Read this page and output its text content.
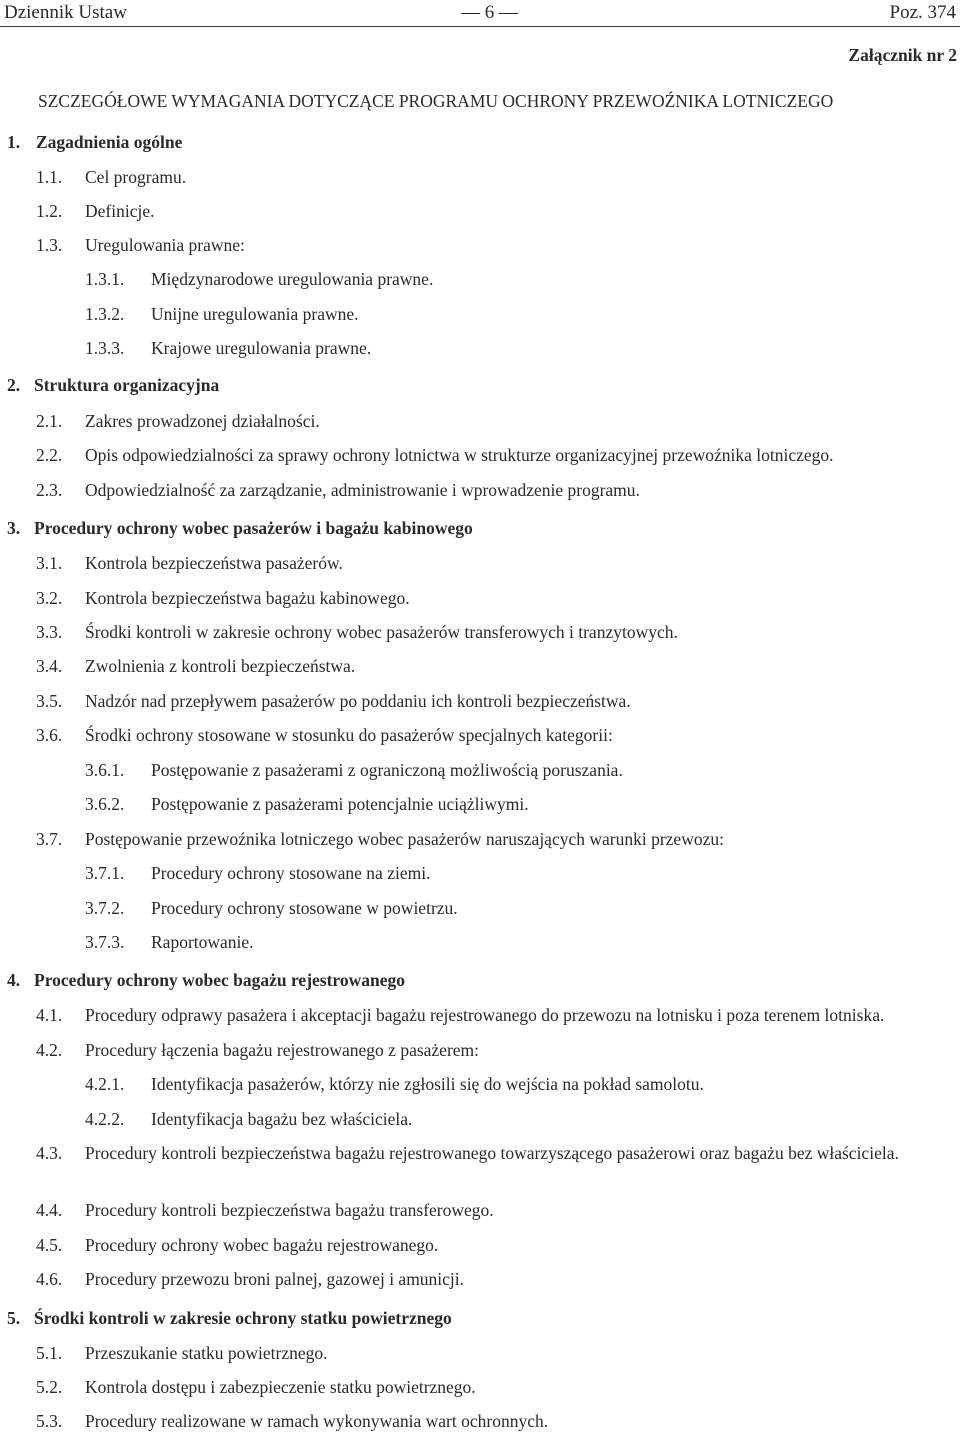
Dziennik Ustaw	— 6 —	Poz. 374
Załącznik nr 2
SZCZEGÓŁOWE WYMAGANIA DOTYCZĄCE PROGRAMU OCHRONY PRZEWOŹNIKA LOTNICZEGO
1. Zagadnienia ogólne
1.1. Cel programu.
1.2. Definicje.
1.3. Uregulowania prawne:
1.3.1. Międzynarodowe uregulowania prawne.
1.3.2. Unijne uregulowania prawne.
1.3.3. Krajowe uregulowania prawne.
2. Struktura organizacyjna
2.1. Zakres prowadzonej działalności.
2.2. Opis odpowiedzialności za sprawy ochrony lotnictwa w strukturze organizacyjnej przewoźnika lotniczego.
2.3. Odpowiedzialność za zarządzanie, administrowanie i wprowadzenie programu.
3. Procedury ochrony wobec pasażerów i bagażu kabinowego
3.1. Kontrola bezpieczeństwa pasażerów.
3.2. Kontrola bezpieczeństwa bagażu kabinowego.
3.3. Środki kontroli w zakresie ochrony wobec pasażerów transferowych i tranzytowych.
3.4. Zwolnienia z kontroli bezpieczeństwa.
3.5. Nadzór nad przepływem pasażerów po poddaniu ich kontroli bezpieczeństwa.
3.6. Środki ochrony stosowane w stosunku do pasażerów specjalnych kategorii:
3.6.1. Postępowanie z pasażerami z ograniczoną możliwością poruszania.
3.6.2. Postępowanie z pasażerami potencjalnie uciążliwymi.
3.7. Postępowanie przewoźnika lotniczego wobec pasażerów naruszających warunki przewozu:
3.7.1. Procedury ochrony stosowane na ziemi.
3.7.2. Procedury ochrony stosowane w powietrzu.
3.7.3. Raportowanie.
4. Procedury ochrony wobec bagażu rejestrowanego
4.1. Procedury odprawy pasażera i akceptacji bagażu rejestrowanego do przewozu na lotnisku i poza terenem lotniska.
4.2. Procedury łączenia bagażu rejestrowanego z pasażerem:
4.2.1. Identyfikacja pasażerów, którzy nie zgłosili się do wejścia na pokład samolotu.
4.2.2. Identyfikacja bagażu bez właściciela.
4.3. Procedury kontroli bezpieczeństwa bagażu rejestrowanego towarzyszącego pasażerowi oraz bagażu bez właściciela.
4.4. Procedury kontroli bezpieczeństwa bagażu transferowego.
4.5. Procedury ochrony wobec bagażu rejestrowanego.
4.6. Procedury przewozu broni palnej, gazowej i amunicji.
5. Środki kontroli w zakresie ochrony statku powietrznego
5.1. Przeszukanie statku powietrznego.
5.2. Kontrola dostępu i zabezpieczenie statku powietrznego.
5.3. Procedury realizowane w ramach wykonywania wart ochronnych.
